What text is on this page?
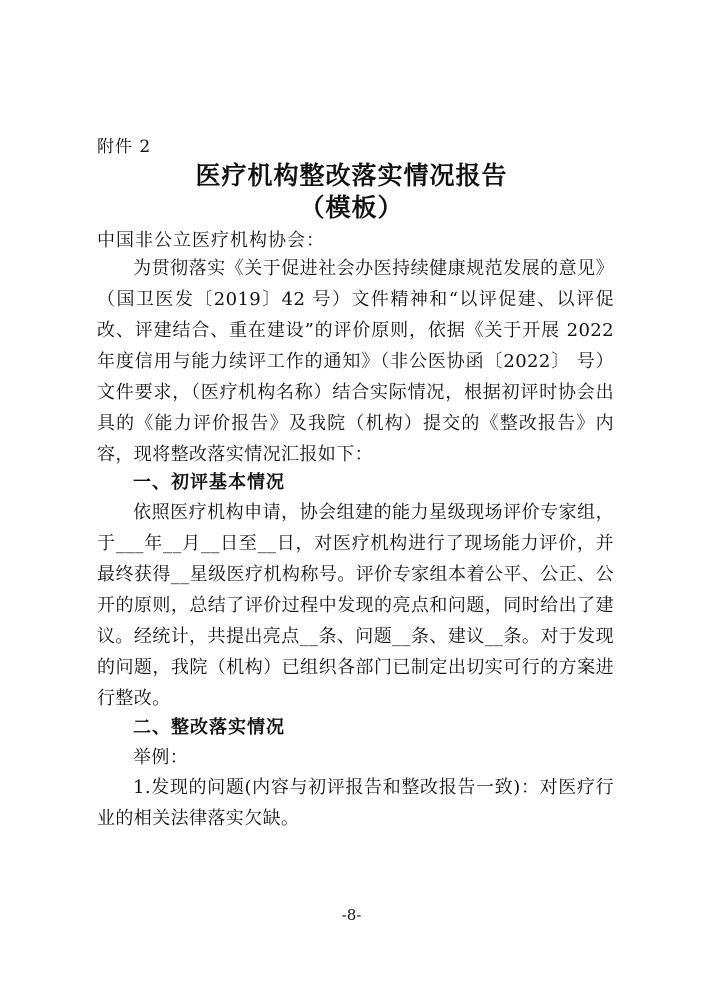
附件 2
医疗机构整改落实情况报告
（模板）
中国非公立医疗机构协会：
为贯彻落实《关于促进社会办医持续健康规范发展的意见》（国卫医发〔2019〕42 号）文件精神和“以评促建、以评促改、评建结合、重在建设”的评价原则，依据《关于开展 2022 年度信用与能力续评工作的通知》（非公医协函〔2022〕 号）文件要求，（医疗机构名称）结合实际情况，根据初评时协会出具的《能力评价报告》及我院（机构）提交的《整改报告》内容，现将整改落实情况汇报如下：
一、初评基本情况
依照医疗机构申请，协会组建的能力星级现场评价专家组，于___年__月__日至__日，对医疗机构进行了现场能力评价，并最终获得__星级医疗机构称号。评价专家组本着公平、公正、公开的原则，总结了评价过程中发现的亮点和问题，同时给出了建议。经统计，共提出亮点__条、问题__条、建议__条。对于发现的问题，我院（机构）已组织各部门已制定出切实可行的方案进行整改。
二、整改落实情况
举例：
1.发现的问题(内容与初评报告和整改报告一致)：对医疗行业的相关法律落实欠缺。
-8-
